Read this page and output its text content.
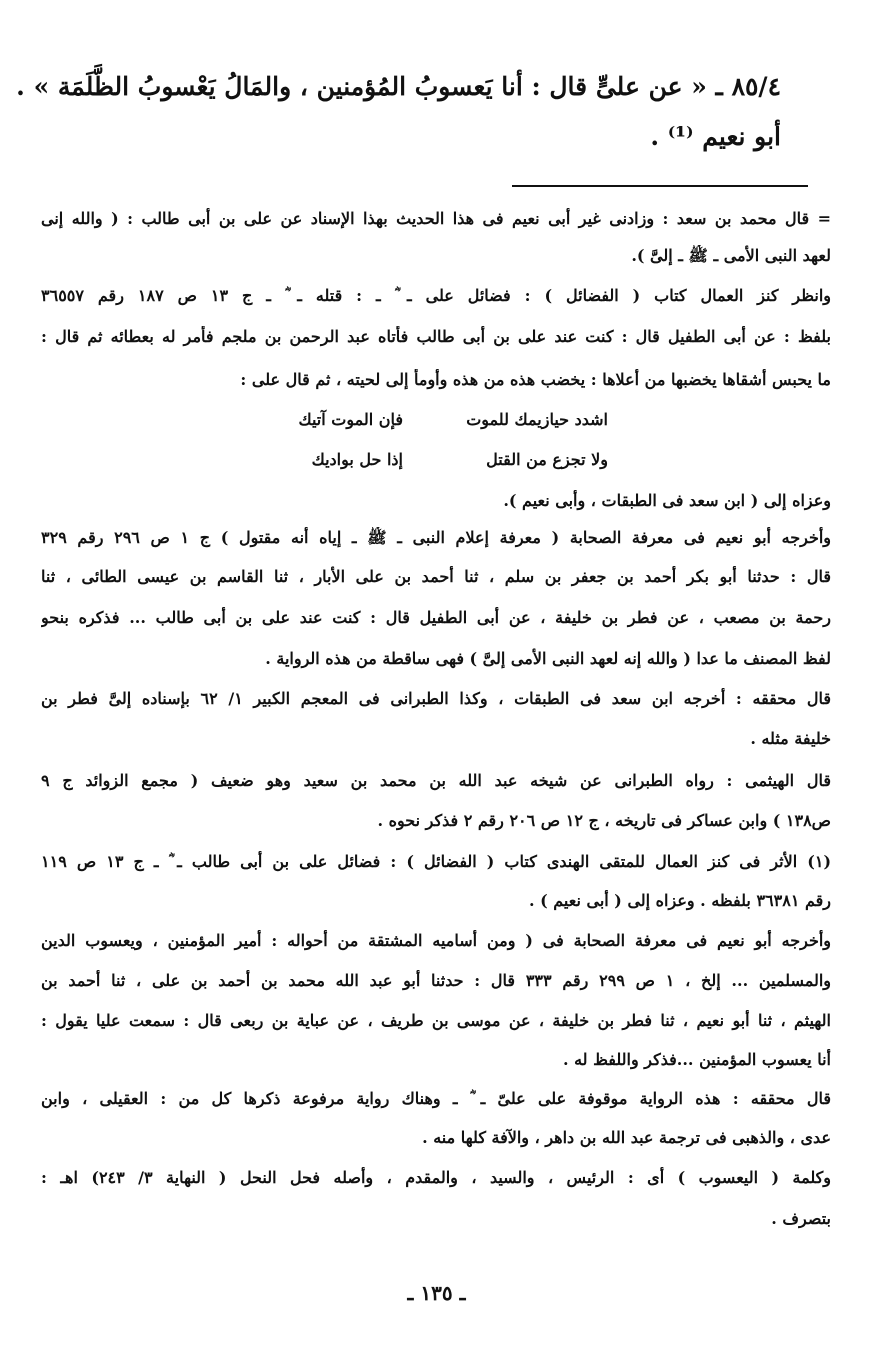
٨٥/٤ ـ « عن علىٍّ قال : أنا يَعسوبُ المُؤمنين ، والمَالُ يَعْسوبُ الظَّلَمَة » .
أبو نعيم ⁽¹⁾ .
= قال محمد بن سعد : وزادنى غير أبى نعيم فى هذا الحديث بهذا الإسناد عن على بن أبى طالب : ( والله إنى
لعهد النبى الأمى ـ ﷺ ـ إلىَّ ).
وانظر كنز العمال كتاب ( الفضائل ) : فضائل على ـ ؓ ـ : قتله ـ ؓ ـ ج ١٣ ص ١٨٧ رقم ٣٦٥٥٧
بلفظ : عن أبى الطفيل قال : كنت عند على بن أبى طالب فأتاه عبد الرحمن بن ملجم فأمر له بعطائه ثم قال :
ما يحبس أشقاها يخضبها من أعلاها : يخضب هذه من هذه وأومأ إلى لحيته ، ثم قال على :
اشدد حيازيمك للموت
فإن الموت آتيك
ولا تجزع من القتل
إذا حل بواديك
وعزاه إلى ( ابن سعد فى الطبقات ، وأبى نعيم ).
وأخرجه أبو نعيم فى معرفة الصحابة ( معرفة إعلام النبى ـ ﷺ ـ إياه أنه مقتول ) ج ١ ص ٢٩٦ رقم ٣٢٩
قال : حدثنا أبو بكر أحمد بن جعفر بن سلم ، ثنا أحمد بن على الأبار ، ثنا القاسم بن عيسى الطائى ، ثنا
رحمة بن مصعب ، عن فطر بن خليفة ، عن أبى الطفيل قال : كنت عند على بن أبى طالب ... فذكره بنحو
لفظ المصنف ما عدا ( والله إنه لعهد النبى الأمى إلىَّ ) فهى ساقطة من هذه الرواية .
قال محققه : أخرجه ابن سعد فى الطبقات ، وكذا الطبرانى فى المعجم الكبير ١/ ٦٢ بإسناده إلىَّ فطر بن
خليفة مثله .
قال الهيثمى : رواه الطبرانى عن شيخه عبد الله بن محمد بن سعيد وهو ضعيف ( مجمع الزوائد ج ٩
ص١٣٨ ) وابن عساكر فى تاريخه ، ج ١٢ ص ٢٠٦ رقم ٢ فذكر نحوه .
(١) الأثر فى كنز العمال للمتقى الهندى كتاب ( الفضائل ) : فضائل على بن أبى طالب ـ ؓ ـ ج ١٣ ص ١١٩
رقم ٣٦٣٨١ بلفظه . وعزاه إلى ( أبى نعيم ) .
وأخرجه أبو نعيم فى معرفة الصحابة فى ( ومن أساميه المشتقة من أحواله : أمير المؤمنين ، ويعسوب الدين
والمسلمين ... إلخ ، ١ ص ٢٩٩ رقم ٣٣٣ قال : حدثنا أبو عبد الله محمد بن أحمد بن على ، ثنا أحمد بن
الهيثم ، ثنا أبو نعيم ، ثنا فطر بن خليفة ، عن موسى بن طريف ، عن عباية بن ربعى قال : سمعت عليا يقول :
أنا يعسوب المؤمنين ...فذكر واللفظ له .
قال محققه : هذه الرواية موقوفة على علىّ ـ ؓ ـ وهناك رواية مرفوعة ذكرها كل من : العقيلى ، وابن
عدى ، والذهبى فى ترجمة عبد الله بن داهر ، والآفة كلها منه .
وكلمة ( اليعسوب ) أى : الرئيس ، والسيد ، والمقدم ، وأصله فحل النحل ( النهاية ٣/ ٢٤٣) اهـ :
بتصرف .
ـ ١٣٥ ـ
